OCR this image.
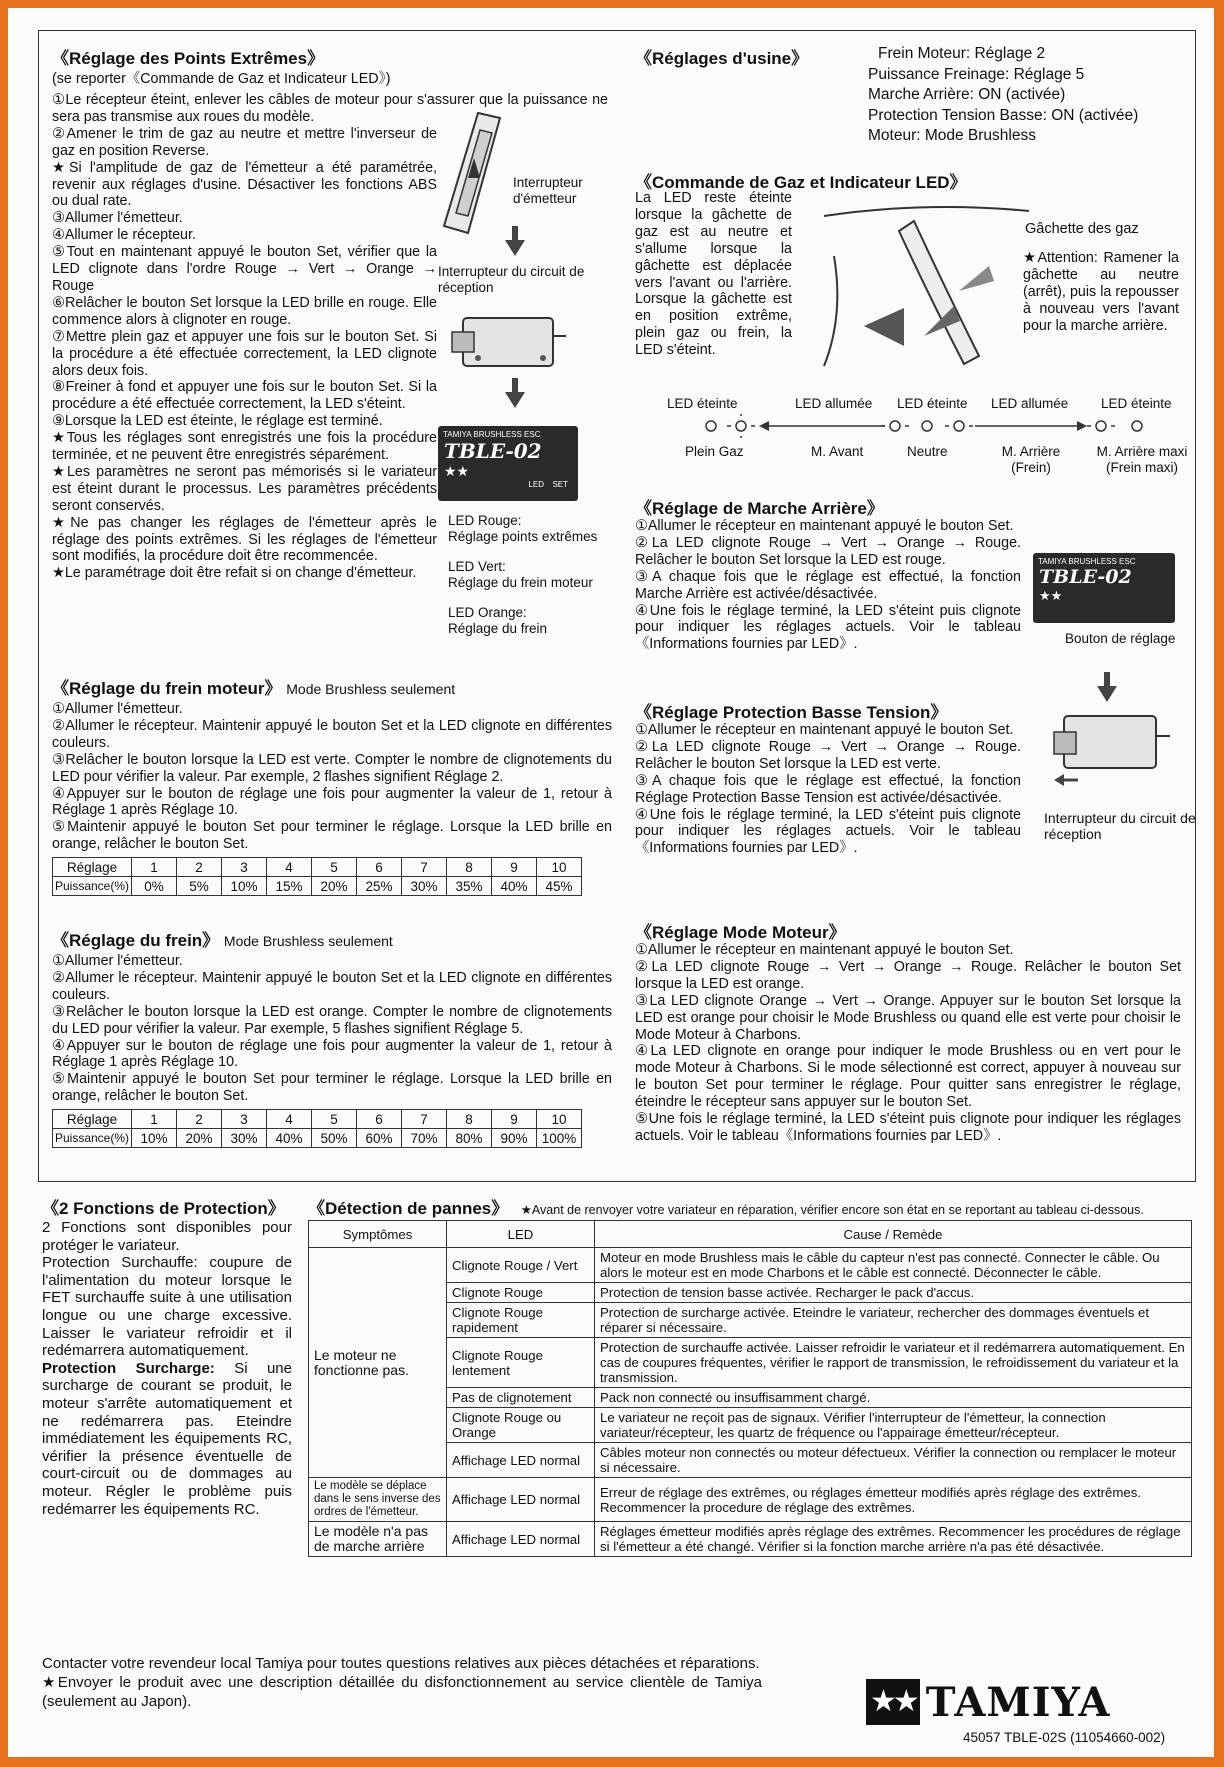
《Réglage des Points Extrêmes》
(se reporter《Commande de Gaz et Indicateur LED》)

①Le récepteur éteint, enlever les câbles de moteur pour s'assurer que la puissance ne sera pas transmise aux roues du modèle.

②Amener le trim de gaz au neutre et mettre l'inverseur de gaz en position Reverse.

★Si l'amplitude de gaz de l'émetteur a été paramétrée, revenir aux réglages d'usine. Désactiver les fonctions ABS ou dual rate.

③Allumer l'émetteur.

④Allumer le récepteur.

⑤Tout en maintenant appuyé le bouton Set, vérifier que la LED clignote dans l'ordre Rouge → Vert → Orange → Rouge

⑥Relâcher le bouton Set lorsque la LED brille en rouge. Elle commence alors à clignoter en rouge.

⑦Mettre plein gaz et appuyer une fois sur le bouton Set. Si la procédure a été effectuée correctement, la LED clignote alors deux fois.

⑧Freiner à fond et appuyer une fois sur le bouton Set. Si la procédure a été effectuée correctement, la LED s'éteint.

⑨Lorsque la LED est éteinte, le réglage est terminé.

★Tous les réglages sont enregistrés une fois la procédure terminée, et ne peuvent être enregistrés séparément.

★Les paramètres ne seront pas mémorisés si le variateur est éteint durant le processus. Les paramètres précédents seront conservés.

★Ne pas changer les réglages de l'émetteur après le réglage des points extrêmes. Si les réglages de l'émetteur sont modifiés, la procédure doit être recommencée.

★Le paramétrage doit être refait si on change d'émetteur.

Interrupteur d'émetteur
Interrupteur du circuit de réception
TAMIYA BRUSHLESS ESC
TBLE-02
★★
LED SET
LED Rouge:
Réglage points extrêmes
LED Vert:
Réglage du frein moteur
LED Orange:
Réglage du frein
《Réglage du frein moteur》 Mode Brushless seulement

①Allumer l'émetteur.

②Allumer le récepteur. Maintenir appuyé le bouton Set et la LED clignote en différentes couleurs.

③Relâcher le bouton lorsque la LED est verte. Compter le nombre de clignotements du LED pour vérifier la valeur. Par exemple, 2 flashes signifient Réglage 2.

④Appuyer sur le bouton de réglage une fois pour augmenter la valeur de 1, retour à Réglage 1 après Réglage 10.

⑤Maintenir appuyé le bouton Set pour terminer le réglage. Lorsque la LED brille en orange, relâcher le bouton Set.

Réglage	1	2	3	4	5	6	7	8	9	10
Puissance(%)	0%	5%	10%	15%	20%	25%	30%	35%	40%	45%
《Réglage du frein》 Mode Brushless seulement

①Allumer l'émetteur.

②Allumer le récepteur. Maintenir appuyé le bouton Set et la LED clignote en différentes couleurs.

③Relâcher le bouton lorsque la LED est orange. Compter le nombre de clignotements du LED pour vérifier la valeur. Par exemple, 5 flashes signifient Réglage 5.

④Appuyer sur le bouton de réglage une fois pour augmenter la valeur de 1, retour à Réglage 1 après Réglage 10.

⑤Maintenir appuyé le bouton Set pour terminer le réglage. Lorsque la LED brille en orange, relâcher le bouton Set.

Réglage	1	2	3	4	5	6	7	8	9	10
Puissance(%)	10%	20%	30%	40%	50%	60%	70%	80%	90%	100%
《Réglages d'usine》	Frein Moteur: Réglage 2
Puissance Freinage: Réglage 5
Marche Arrière: ON (activée)
Protection Tension Basse: ON (activée)
Moteur: Mode Brushless
《Commande de Gaz et Indicateur LED》
La LED reste éteinte lorsque la gâchette de gaz est au neutre et s'allume lorsque la gâchette est déplacée vers l'avant ou l'arrière. Lorsque la gâchette est en position extrême, plein gaz ou frein, la LED s'éteint.
Gâchette des gaz
★Attention: Ramener la gâchette au neutre (arrêt), puis la repousser à nouveau vers l'avant pour la marche arrière.
LED éteinte	LED allumée LED éteinte LED allumée LED éteinte
Plein Gaz	M. Avant	Neutre	M. Arrière (Frein)
M. Arrière maxi (Frein maxi)
《Réglage de Marche Arrière》

①Allumer le récepteur en maintenant appuyé le bouton Set.

②La LED clignote Rouge → Vert → Orange → Rouge. Relâcher le bouton Set lorsque la LED est rouge.

③A chaque fois que le réglage est effectué, la fonction Marche Arrière est activée/désactivée.

④Une fois le réglage terminé, la LED s'éteint puis clignote pour indiquer les réglages actuels. Voir le tableau《Informations fournies par LED》.

TAMIYA BRUSHLESS ESC
TBLE-02
★★
Bouton de réglage
《Réglage Protection Basse Tension》

①Allumer le récepteur en maintenant appuyé le bouton Set.

②La LED clignote Rouge → Vert → Orange → Rouge. Relâcher le bouton Set lorsque la LED est verte.

③A chaque fois que le réglage est effectué, la fonction Réglage Protection Basse Tension est activée/désactivée.

④Une fois le réglage terminé, la LED s'éteint puis clignote pour indiquer les réglages actuels. Voir le tableau《Informations fournies par LED》.

Interrupteur du circuit de réception
《Réglage Mode Moteur》

①Allumer le récepteur en maintenant appuyé le bouton Set.

②La LED clignote Rouge → Vert → Orange → Rouge. Relâcher le bouton Set lorsque la LED est orange.

③La LED clignote Orange → Vert → Orange. Appuyer sur le bouton Set lorsque la LED est orange pour choisir le Mode Brushless ou quand elle est verte pour choisir le Mode Moteur à Charbons.

④La LED clignote en orange pour indiquer le mode Brushless ou en vert pour le mode Moteur à Charbons. Si le mode sélectionné est correct, appuyer à nouveau sur le bouton Set pour terminer le réglage. Pour quitter sans enregistrer le réglage, éteindre le récepteur sans appuyer sur le bouton Set.

⑤Une fois le réglage terminé, la LED s'éteint puis clignote pour indiquer les réglages actuels. Voir le tableau《Informations fournies par LED》.

《2 Fonctions de Protection》

2 Fonctions sont disponibles pour protéger le variateur.

Protection Surchauffe: coupure de l'alimentation du moteur lorsque le FET surchauffe suite à une utilisation longue ou une charge excessive. Laisser le variateur refroidir et il redémarrera automatiquement.

Protection Surcharge: Si une surcharge de courant se produit, le moteur s'arrête automatiquement et ne redémarrera pas. Eteindre immédiatement les équipements RC, vérifier la présence éventuelle de court-circuit ou de dommages au moteur. Régler le problème puis redémarrer les équipements RC.

《Détection de pannes》 ★Avant de renvoyer votre variateur en réparation, vérifier encore son état en se reportant au tableau ci-dessous.
Symptômes	LED	Cause / Remède
Le moteur ne fonctionne pas.	Clignote Rouge / Vert	Moteur en mode Brushless mais le câble du capteur n'est pas connecté. Connecter le câble. Ou alors le moteur est en mode Charbons et le câble est connecté. Déconnecter le câble.
	Clignote Rouge	Protection de tension basse activée. Recharger le pack d'accus.
	Clignote Rouge rapidement	Protection de surcharge activée. Eteindre le variateur, rechercher des dommages éventuels et réparer si nécessaire.
	Clignote Rouge lentement	Protection de surchauffe activée. Laisser refroidir le variateur et il redémarrera automatiquement. En cas de coupures fréquentes, vérifier le rapport de transmission, le refroidissement du variateur et la transmission.
	Pas de clignotement	Pack non connecté ou insuffisamment chargé.
	Clignote Rouge ou Orange	Le variateur ne reçoit pas de signaux. Vérifier l'interrupteur de l'émetteur, la connection variateur/récepteur, les quartz de fréquence ou l'appairage émetteur/récepteur.
	Affichage LED normal	Câbles moteur non connectés ou moteur défectueux. Vérifier la connection ou remplacer le moteur si nécessaire.
Le modèle se déplace dans le sens inverse des ordres de l'émetteur.	Affichage LED normal	Erreur de réglage des extrêmes, ou réglages émetteur modifiés après réglage des extrêmes. Recommencer la procedure de réglage des extrêmes.
Le modèle n'a pas de marche arrière	Affichage LED normal	Réglages émetteur modifiés après réglage des extrêmes. Recommencer les procédures de réglage si l'émetteur a été changé. Vérifier si la fonction marche arrière n'a pas été désactivée.

Contacter votre revendeur local Tamiya pour toutes questions relatives aux pièces détachées et réparations.

★Envoyer le produit avec une description détaillée du disfonctionnement au service clientèle de Tamiya (seulement au Japon).	★★ TAMIYA
45057 TBLE-02S (11054660-002)
